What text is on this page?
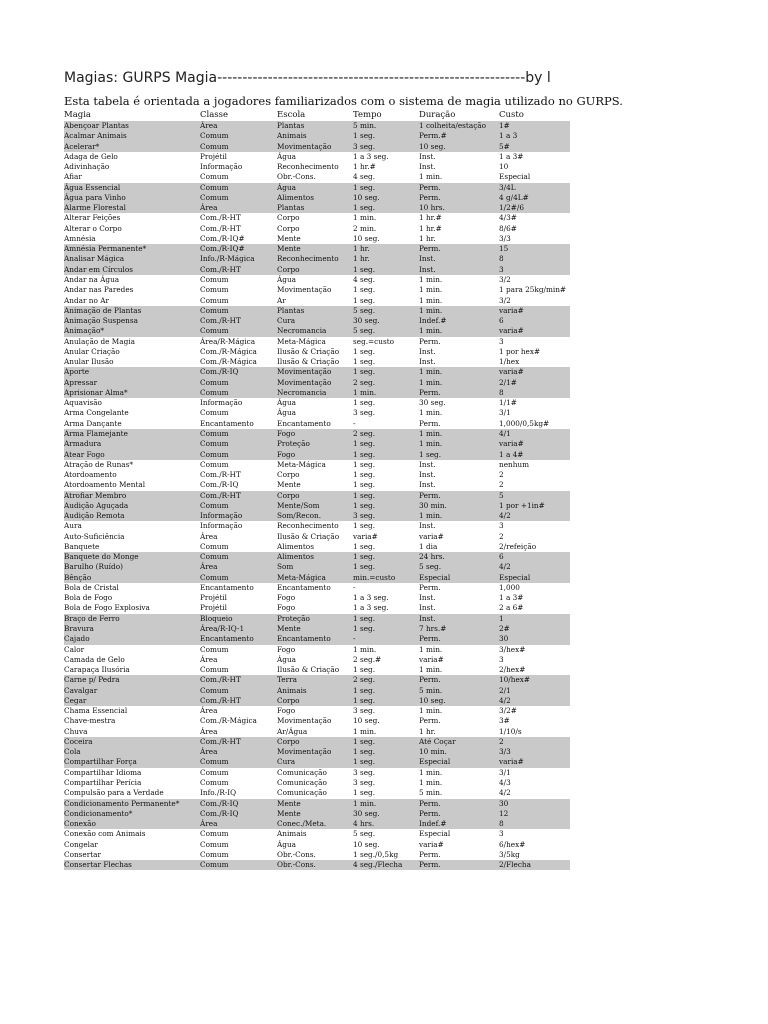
Magias: GURPS Magia-------------------------------------------------------------by l
Esta tabela é orientada a jogadores familiarizados com o sistema de magia utilizado no GURPS.
Magia	Classe	Escola	Tempo	Duração	Custo
Abençoar Plantas	Área	Plantas	5 min.	1 colheita/estação	1#
Acalmar Animais	Comum	Animais	1 seg.	Perm.#	1 a 3
Acelerar*	Comum	Movimentação	3 seg.	10 seg.	5#
Adaga de Gelo	Projétil	Água	1 a 3 seg.	Inst.	1 a 3#
Adivinhação	Informação	Reconhecimento	1 hr.#	Inst.	10
Afiar	Comum	Obr.-Cons.	4 seg.	1 min.	Especial
Água Essencial	Comum	Água	1 seg.	Perm.	3/4L
Água para Vinho	Comum	Alimentos	10 seg.	Perm.	4 g/4L#
Alarme Florestal	Área	Plantas	1 seg.	10 hrs.	1/2#/6
Alterar Feições	Com./R-HT	Corpo	1 min.	1 hr.#	4/3#
Alterar o Corpo	Com./R-HT	Corpo	2 min.	1 hr.#	8/6#
Amnésia	Com./R-IQ#	Mente	10 seg.	1 hr.	3/3
Amnésia Permanente*	Com./R-IQ#	Mente	1 hr.	Perm.	15
Analisar Mágica	Info./R-Mágica	Reconhecimento	1 hr.	Inst.	8
Andar em Círculos	Com./R-HT	Corpo	1 seg.	Inst.	3
Andar na Água	Comum	Água	4 seg.	1 min.	3/2
Andar nas Paredes	Comum	Movimentação	1 seg.	1 min.	1 para 25kg/min#
Andar no Ar	Comum	Ar	1 seg.	1 min.	3/2
Animação de Plantas	Comum	Plantas	5 seg.	1 min.	varia#
Animação Suspensa	Com./R-HT	Cura	30 seg.	Indef.#	6
Animação*	Comum	Necromancia	5 seg.	1 min.	varia#
Anulação de Magia	Área/R-Mágica	Meta-Mágica	seg.=custo	Perm.	3
Anular Criação	Com./R-Mágica	Ilusão & Criação	1 seg.	Inst.	1 por hex#
Anular Ilusão	Com./R-Mágica	Ilusão & Criação	1 seg.	Inst.	1/hex
Aporte	Com./R-IQ	Movimentação	1 seg.	1 min.	varia#
Apressar	Comum	Movimentação	2 seg.	1 min.	2/1#
Aprisionar Alma*	Comum	Necromancia	1 min.	Perm.	8
Aquavisão	Informação	Água	1 seg.	30 seg.	1/1#
Arma Congelante	Comum	Água	3 seg.	1 min.	3/1
Arma Dançante	Encantamento	Encantamento	-	Perm.	1,000/0,5kg#
Arma Flamejante	Comum	Fogo	2 seg.	1 min.	4/1
Armadura	Comum	Proteção	1 seg.	1 min.	varia#
Atear Fogo	Comum	Fogo	1 seg.	1 seg.	1 a 4#
Atração de Runas*	Comum	Meta-Mágica	1 seg.	Inst.	nenhum
Atordoamento	Com./R-HT	Corpo	1 seg.	Inst.	2
Atordoamento Mental	Com./R-IQ	Mente	1 seg.	Inst.	2
Atrofiar Membro	Com./R-HT	Corpo	1 seg.	Perm.	5
Audição Aguçada	Comum	Mente/Som	1 seg.	30 min.	1 por +1in#
Audição Remota	Informação	Som/Recon.	3 seg.	1 min.	4/2
Aura	Informação	Reconhecimento	1 seg.	Inst.	3
Auto-Suficiência	Área	Ilusão & Criação	varia#	varia#	2
Banquete	Comum	Alimentos	1 seg.	1 dia	2/refeição
Banquete do Monge	Comum	Alimentos	1 seg.	24 hrs.	6
Barulho (Ruído)	Área	Som	1 seg.	5 seg.	4/2
Bênção	Comum	Meta-Mágica	min.=custo	Especial	Especial
Bola de Cristal	Encantamento	Encantamento	-	Perm.	1,000
Bola de Fogo	Projétil	Fogo	1 a 3 seg.	Inst.	1 a 3#
Bola de Fogo Explosiva	Projétil	Fogo	1 a 3 seg.	Inst.	2 a 6#
Braço de Ferro	Bloqueio	Proteção	1 seg.	Inst.	1
Bravura	Área/R-IQ-1	Mente	1 seg.	7 hrs.#	2#
Cajado	Encantamento	Encantamento	-	Perm.	30
Calor	Comum	Fogo	1 min.	1 min.	3/hex#
Camada de Gelo	Área	Água	2 seg.#	varia#	3
Carapaça Ilusória	Comum	Ilusão & Criação	1 seg.	1 min.	2/hex#
Carne p/ Pedra	Com./R-HT	Terra	2 seg.	Perm.	10/hex#
Cavalgar	Comum	Animais	1 seg.	5 min.	2/1
Cegar	Com./R-HT	Corpo	1 seg.	10 seg.	4/2
Chama Essencial	Área	Fogo	3 seg.	1 min.	3/2#
Chave-mestra	Com./R-Mágica	Movimentação	10 seg.	Perm.	3#
Chuva	Área	Ar/Água	1 min.	1 hr.	1/10/s
Coceira	Com./R-HT	Corpo	1 seg.	Até Coçar	2
Cola	Área	Movimentação	1 seg.	10 min.	3/3
Compartilhar Força	Comum	Cura	1 seg.	Especial	varia#
Compartilhar Idioma	Comum	Comunicação	3 seg.	1 min.	3/1
Compartilhar Perícia	Comum	Comunicação	3 seg.	1 min.	4/3
Compulsão para a Verdade	Info./R-IQ	Comunicação	1 seg.	5 min.	4/2
Condicionamento Permanente*	Com./R-IQ	Mente	1 min.	Perm.	30
Condicionamento*	Com./R-IQ	Mente	30 seg.	Perm.	12
Conexão	Área	Conec./Meta.	4 hrs.	Indef.#	8
Conexão com Animais	Comum	Animais	5 seg.	Especial	3
Congelar	Comum	Água	10 seg.	varia#	6/hex#
Consertar	Comum	Obr.-Cons.	1 seg./0,5kg	Perm.	3/5kg
Consertar Flechas	Comum	Obr.-Cons.	4 seg./Flecha	Perm.	2/Flecha
